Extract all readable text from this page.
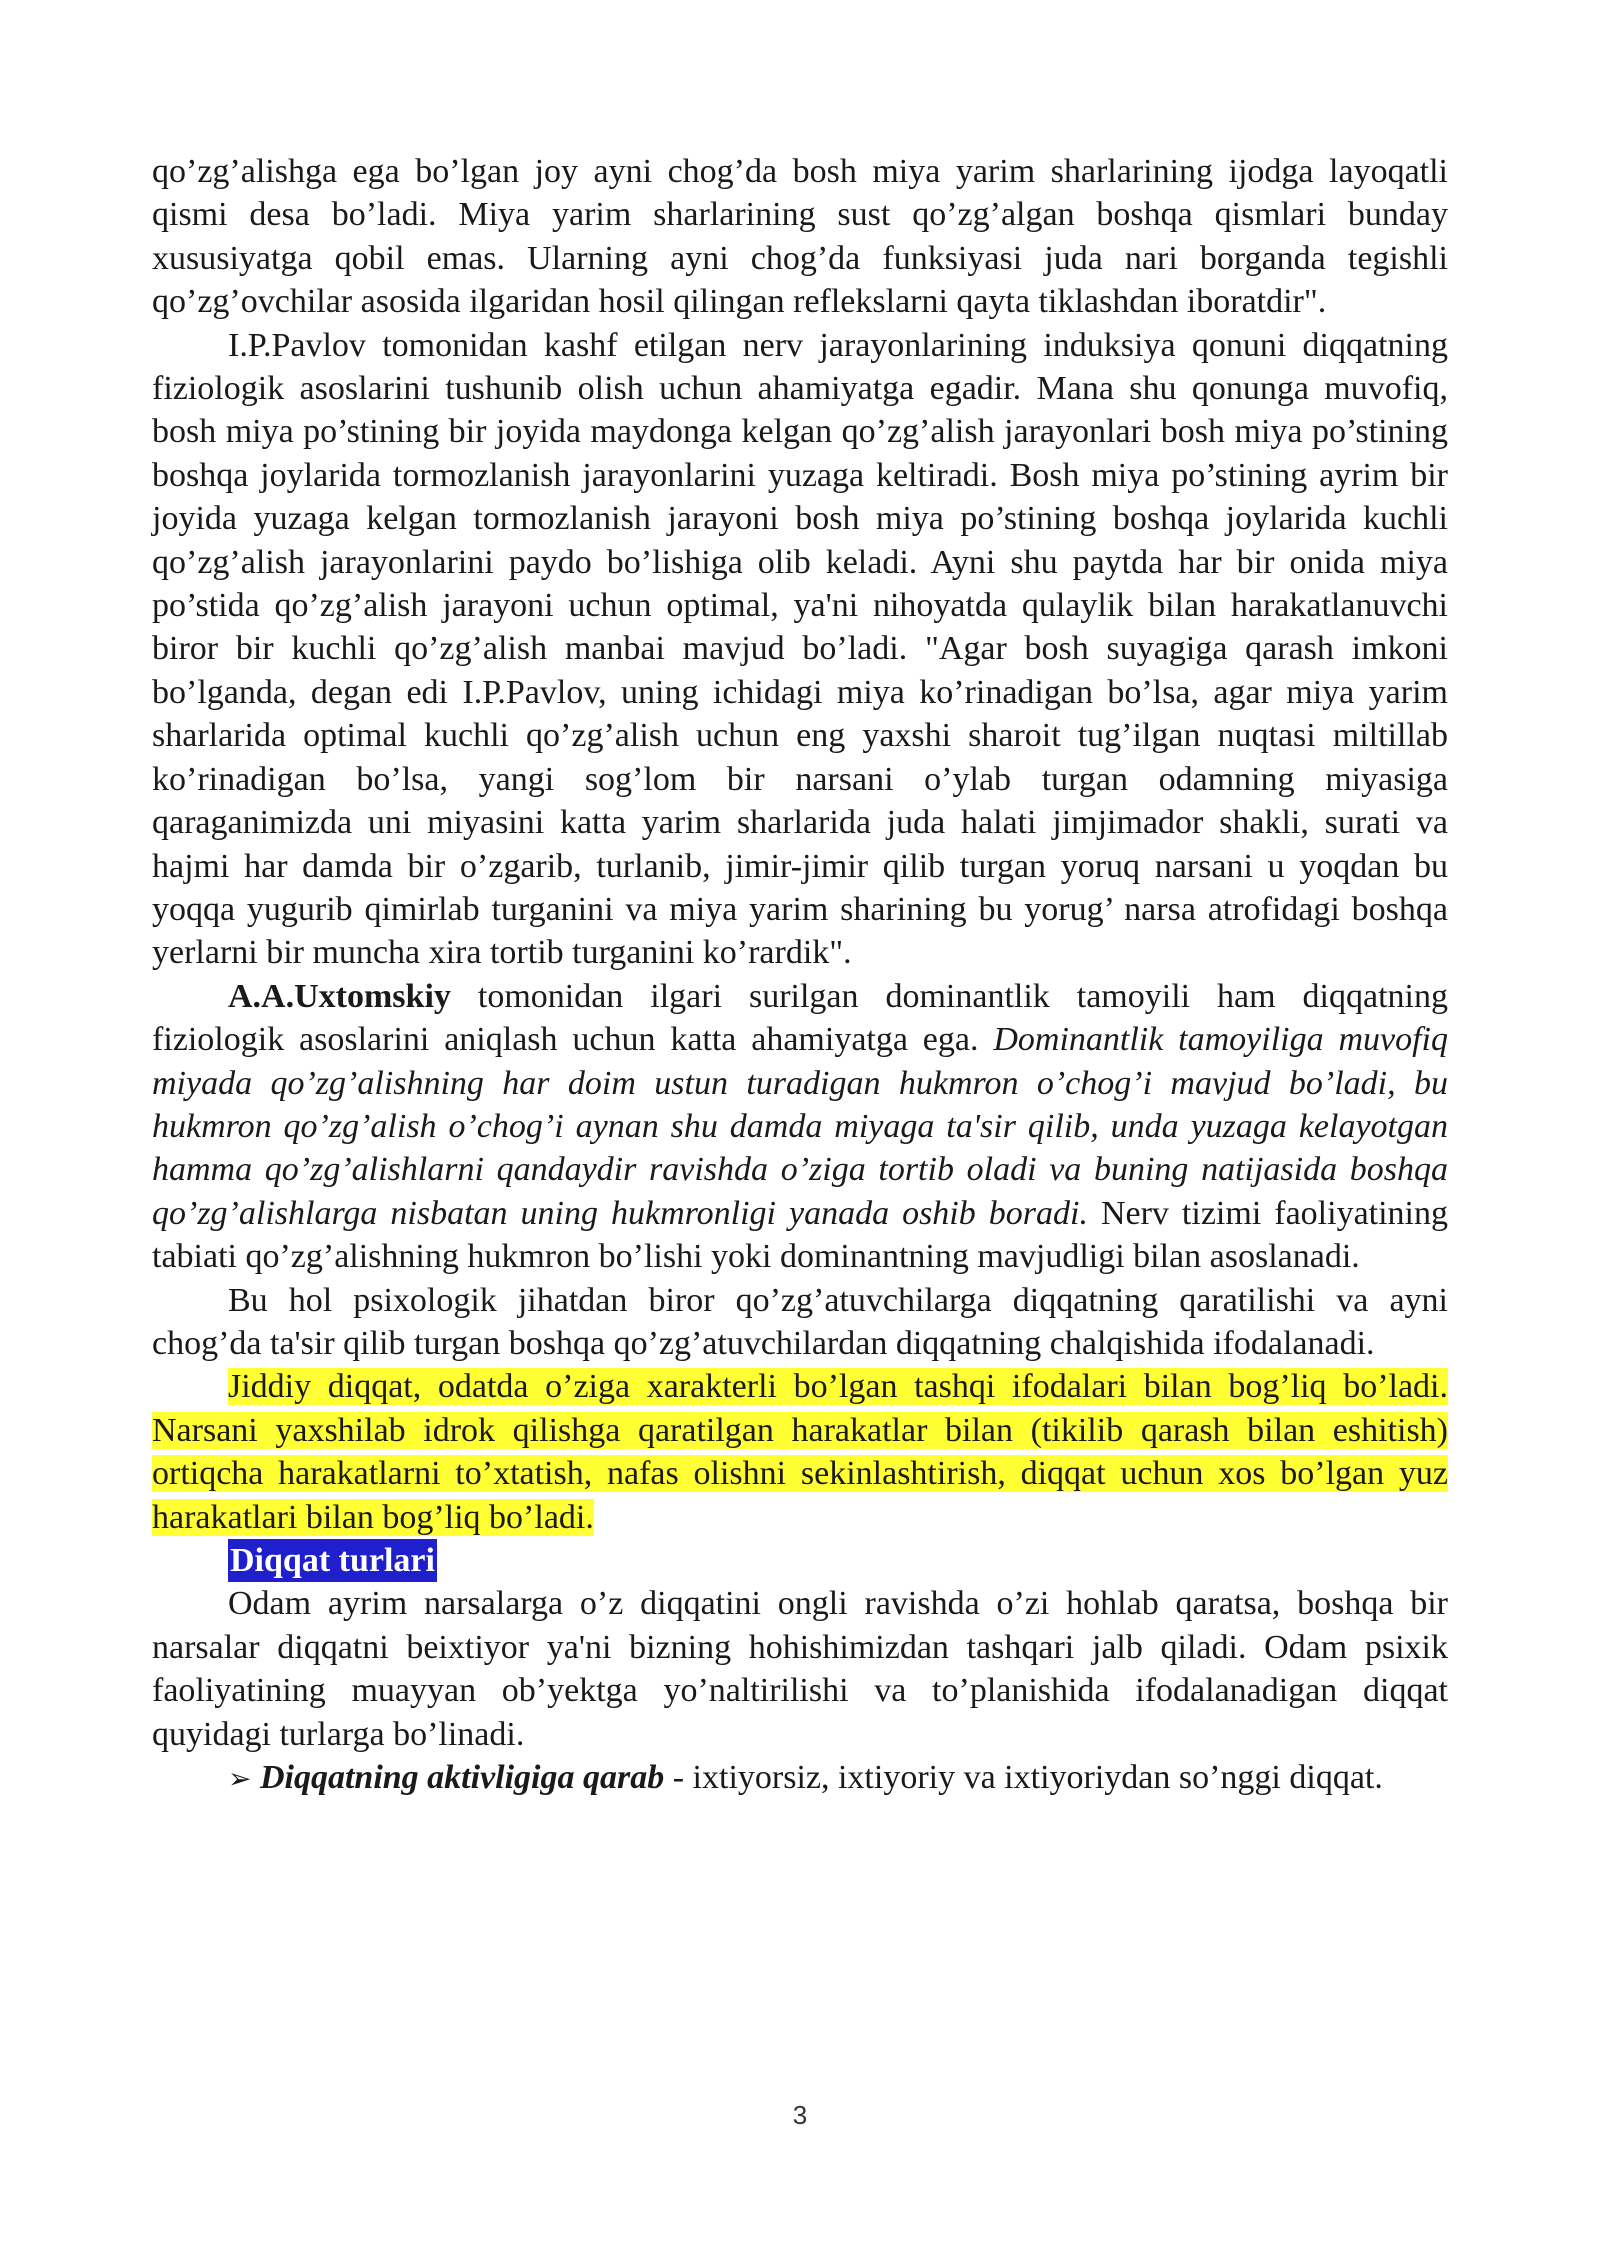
qo’zg’alishga ega bo’lgan joy ayni chog’da bosh miya yarim sharlarining ijodga layoqatli qismi desa bo’ladi. Miya yarim sharlarining sust qo’zg’algan boshqa qismlari bunday xususiyatga qobil emas. Ularning ayni chog’da funksiyasi juda nari borganda tegishli qo’zg’ovchilar asosida ilgaridan hosil qilingan reflekslarni qayta tiklashdan iboratdir".

I.P.Pavlov tomonidan kashf etilgan nerv jarayonlarining induksiya qonuni diqqatning fiziologik asoslarini tushunib olish uchun ahamiyatga egadir. Mana shu qonunga muvofiq, bosh miya po’stining bir joyida maydonga kelgan qo’zg’alish jarayonlari bosh miya po’stining boshqa joylarida tormozlanish jarayonlarini yuzaga keltiradi. Bosh miya po’stining ayrim bir joyida yuzaga kelgan tormozlanish jarayoni bosh miya po’stining boshqa joylarida kuchli qo’zg’alish jarayonlarini paydo bo’lishiga olib keladi. Ayni shu paytda har bir onida miya po’stida qo’zg’alish jarayoni uchun optimal, ya'ni nihoyatda qulaylik bilan harakatlanuvchi biror bir kuchli qo’zg’alish manbai mavjud bo’ladi. "Agar bosh suyagiga qarash imkoni bo’lganda, degan edi I.P.Pavlov, uning ichidagi miya ko’rinadigan bo’lsa, agar miya yarim sharlarida optimal kuchli qo’zg’alish uchun eng yaxshi sharoit tug’ilgan nuqtasi miltillab ko’rinadigan bo’lsa, yangi sog’lom bir narsani o’ylab turgan odamning miyasiga qaraganimizda uni miyasini katta yarim sharlarida juda halati jimjimador shakli, surati va hajmi har damda bir o’zgarib, turlanib, jimir-jimir qilib turgan yoruq narsani u yoqdan bu yoqqa yugurib qimirlab turganini va miya yarim sharining bu yorug’ narsa atrofidagi boshqa yerlarni bir muncha xira tortib turganini ko’rardik".

A.A.Uxtomskiy tomonidan ilgari surilgan dominantlik tamoyili ham diqqatning fiziologik asoslarini aniqlash uchun katta ahamiyatga ega. Dominantlik tamoyiliga muvofiq miyada qo’zg’alishning har doim ustun turadigan hukmron o’chog’i mavjud bo’ladi, bu hukmron qo’zg’alish o’chog’i aynan shu damda miyaga ta'sir qilib, unda yuzaga kelayotgan hamma qo’zg’alishlarni qandaydir ravishda o’ziga tortib oladi va buning natijasida boshqa qo’zg’alishlarga nisbatan uning hukmronligi yanada oshib boradi. Nerv tizimi faoliyatining tabiati qo’zg’alishning hukmron bo’lishi yoki dominantning mavjudligi bilan asoslanadi.

Bu hol psixologik jihatdan biror qo’zg’atuvchilarga diqqatning qaratilishi va ayni chog’da ta'sir qilib turgan boshqa qo’zg’atuvchilardan diqqatning chalqishida ifodalanadi.

Jiddiy diqqat, odatda o’ziga xarakterli bo’lgan tashqi ifodalari bilan bog’liq bo’ladi. Narsani yaxshilab idrok qilishga qaratilgan harakatlar bilan (tikilib qarash bilan eshitish) ortiqcha harakatlarni to’xtatish, nafas olishni sekinlashtirish, diqqat uchun xos bo’lgan yuz harakatlari bilan bog’liq bo’ladi.

Diqqat turlari

Odam ayrim narsalarga o’z diqqatini ongli ravishda o’zi hohlab qaratsa, boshqa bir narsalar diqqatni beixtiyor ya'ni bizning hohishimizdan tashqari jalb qiladi. Odam psixik faoliyatining muayyan ob’yektga yo’naltirilishi va to’planishida ifodalanadigan diqqat quyidagi turlarga bo’linadi.

➢ Diqqatning aktivligiga qarab - ixtiyorsiz, ixtiyoriy va ixtiyoriydan so’nggi diqqat.

3
